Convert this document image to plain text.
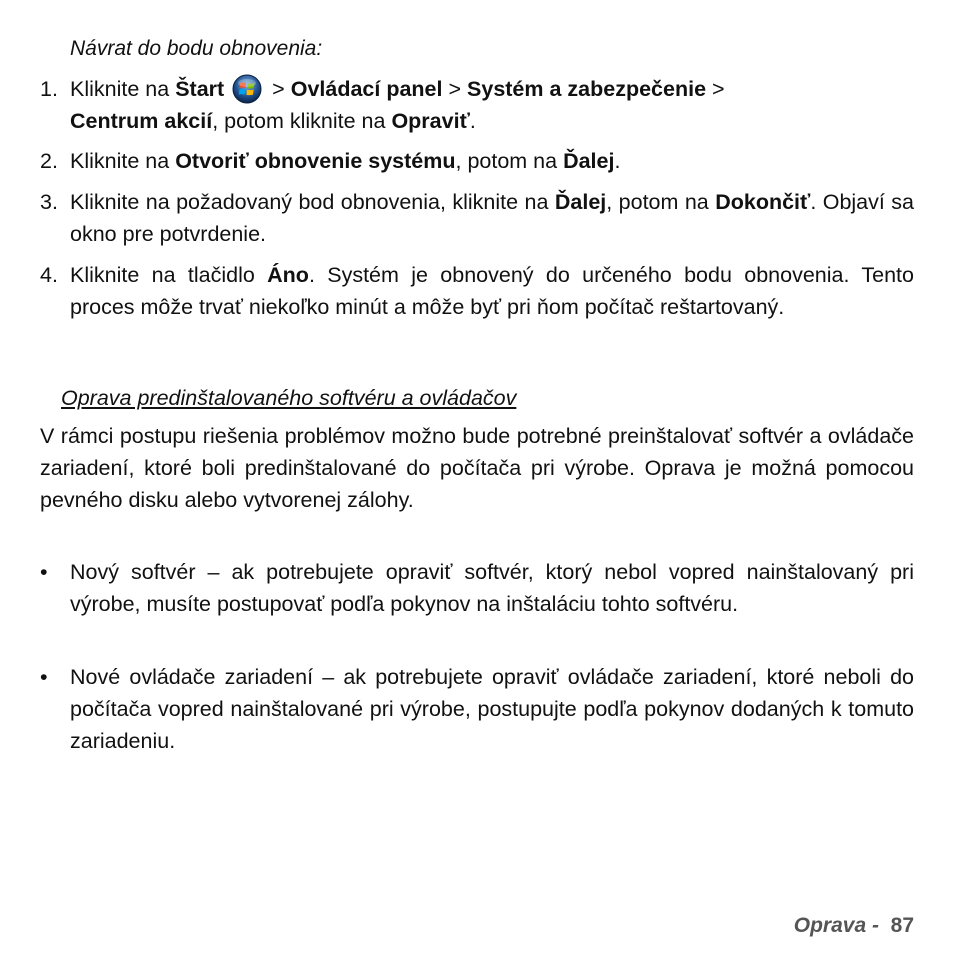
Návrat do bodu obnovenia:
1. Kliknite na Štart > Ovládací panel > Systém a zabezpečenie >
Centrum akcií, potom kliknite na Opraviť.
2. Kliknite na Otvoriť obnovenie systému, potom na Ďalej.
3. Kliknite na požadovaný bod obnovenia, kliknite na Ďalej, potom na Dokončiť. Objaví sa okno pre potvrdenie.
4. Kliknite na tlačidlo Áno. Systém je obnovený do určeného bodu obnovenia. Tento proces môže trvať niekoľko minút a môže byť pri ňom počítač reštartovaný.
Oprava predinštalovaného softvéru a ovládačov
V rámci postupu riešenia problémov možno bude potrebné preinštalovať softvér a ovládače zariadení, ktoré boli predinštalované do počítača pri výrobe. Oprava je možná pomocou pevného disku alebo vytvorenej zálohy.
• Nový softvér – ak potrebujete opraviť softvér, ktorý nebol vopred nainštalovaný pri výrobe, musíte postupovať podľa pokynov na inštaláciu tohto softvéru.
• Nové ovládače zariadení – ak potrebujete opraviť ovládače zariadení, ktoré neboli do počítača vopred nainštalované pri výrobe, postupujte podľa pokynov dodaných k tomuto zariadeniu.
Oprava - 87
